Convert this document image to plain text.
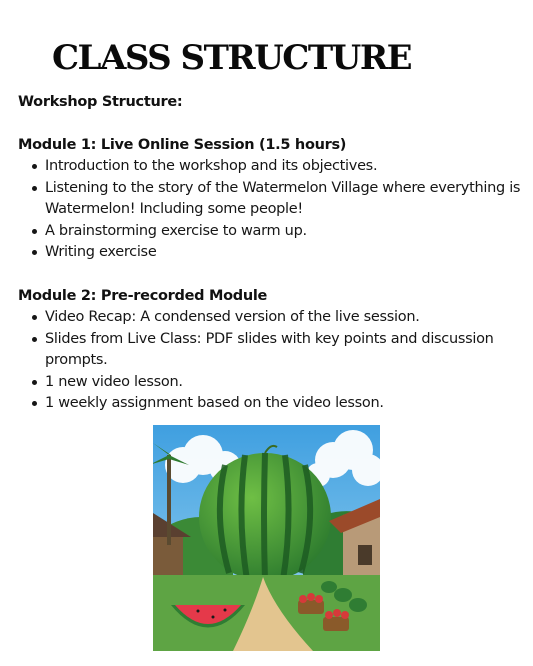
CLASS STRUCTURE

Workshop Structure:

Module 1: Live Online Session (1.5 hours)

Introduction to the workshop and its objectives.
Listening to the story of the Watermelon Village where everything is Watermelon! Including some people!
A brainstorming exercise to warm up.
Writing exercise

Module 2: Pre-recorded Module

Video Recap: A condensed version of the live session.
Slides from Live Class: PDF slides with key points and discussion prompts.
1 new video lesson.
1 weekly assignment based on the video lesson.
